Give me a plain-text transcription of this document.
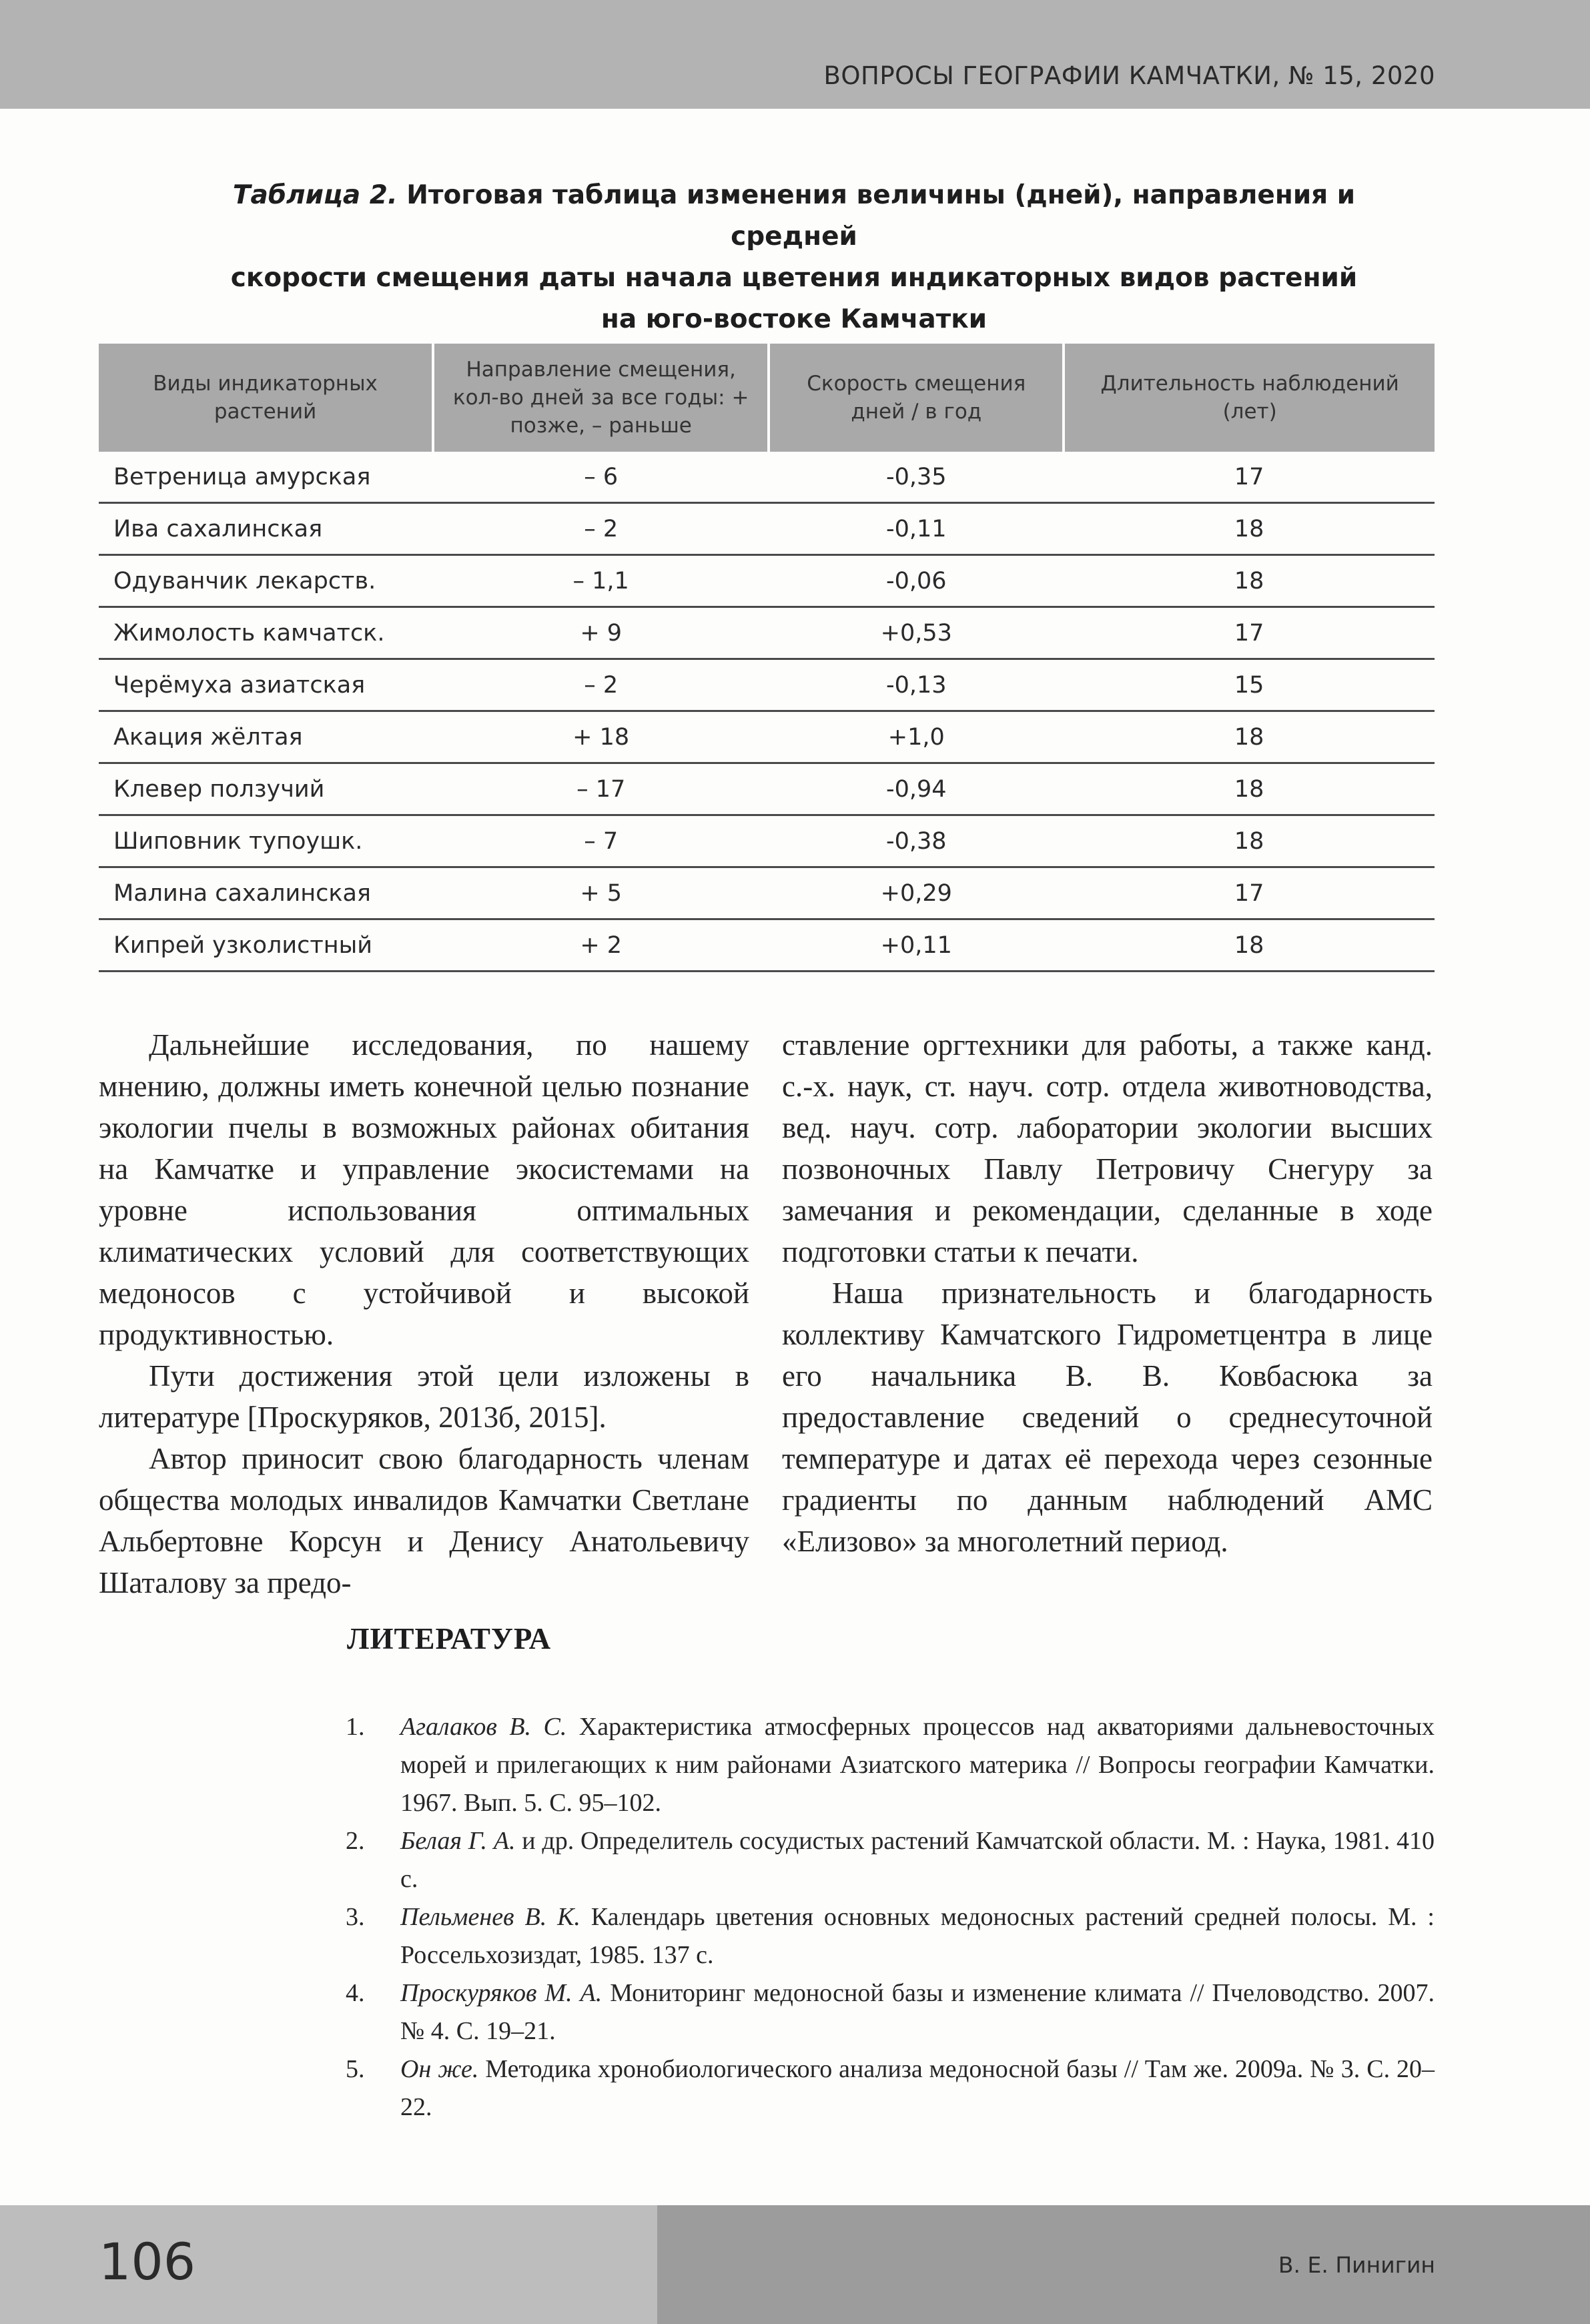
ВОПРОСЫ ГЕОГРАФИИ КАМЧАТКИ, № 15, 2020
Таблица 2. Итоговая таблица изменения величины (дней), направления и средней
скорости смещения даты начала цветения индикаторных видов растений
на юго-востоке Камчатки
Виды индикаторных растений	Направление смещения, кол-во дней за все годы: + позже, – раньше	Скорость смещения дней / в год	Длительность наблюдений (лет)
Ветреница амурская	– 6	-0,35	17
Ива сахалинская	– 2	-0,11	18
Одуванчик лекарств.	– 1,1	-0,06	18
Жимолость камчатск.	+ 9	+0,53	17
Черёмуха азиатская	– 2	-0,13	15
Акация жёлтая	+ 18	+1,0	18
Клевер ползучий	– 17	-0,94	18
Шиповник тупоушк.	– 7	-0,38	18
Малина сахалинская	+ 5	+0,29	17
Кипрей узколистный	+ 2	+0,11	18

Дальнейшие исследования, по нашему мнению, должны иметь конечной целью познание экологии пчелы в возможных районах обитания на Камчатке и управление экосистемами на уровне использования оптимальных климатических условий для соответствующих медоносов с устойчивой и высокой продуктивностью.

Пути достижения этой цели изложены в литературе [Проскуряков, 2013б, 2015].

Автор приносит свою благодарность членам общества молодых инвалидов Камчатки Светлане Альбертовне Корсун и Денису Анатольевичу Шаталову за предо-

ставление оргтехники для работы, а также канд. с.-х. наук, ст. науч. сотр. отдела животноводства, вед. науч. сотр. лаборатории экологии высших позвоночных Павлу Петровичу Снегуру за замечания и рекомендации, сделанные в ходе подготовки статьи к печати.

Наша признательность и благодарность коллективу Камчатского Гидрометцентра в лице его начальника В. В. Ковбасюка за предоставление сведений о среднесуточной температуре и датах её перехода через сезонные градиенты по данным наблюдений АМС «Елизово» за многолетний период.

ЛИТЕРАТУРА
1. Агалаков В. С. Характеристика атмосферных процессов над акваториями дальневосточных морей и прилегающих к ним районами Азиатского материка // Вопросы географии Камчатки. 1967. Вып. 5. С. 95–102.
2. Белая Г. А. и др. Определитель сосудистых растений Камчатской области. М. : Наука, 1981. 410 с.
3. Пельменев В. К. Календарь цветения основных медоносных растений средней полосы. М. : Россельхозиздат, 1985. 137 с.
4. Проскуряков М. А. Мониторинг медоносной базы и изменение климата // Пчеловодство. 2007. № 4. С. 19–21.
5. Он же. Методика хронобиологического анализа медоносной базы // Там же. 2009а. № 3. С. 20–22.
106	В. Е. Пинигин
